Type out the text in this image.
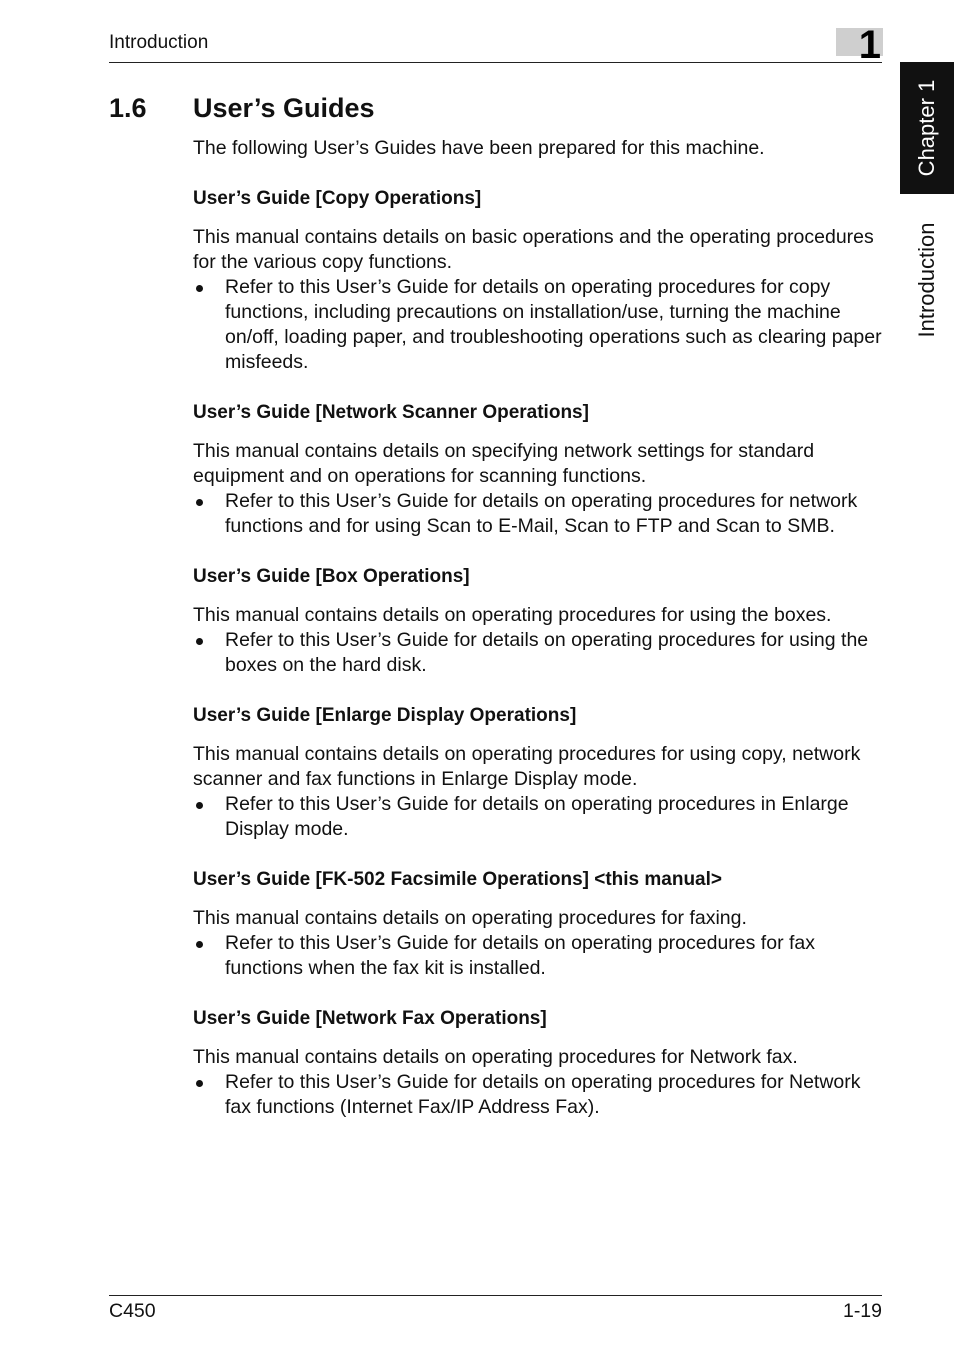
Introduction	1
Chapter 1
Introduction
1.6 User’s Guides

The following User’s Guides have been prepared for this machine.

User’s Guide [Copy Operations]

This manual contains details on basic operations and the operating procedures for the various copy functions.

Refer to this User’s Guide for details on operating procedures for copy functions, including precautions on installation/use, turning the machine on/off, loading paper, and troubleshooting operations such as clearing paper misfeeds.
User’s Guide [Network Scanner Operations]

This manual contains details on specifying network settings for standard equipment and on operations for scanning functions.

Refer to this User’s Guide for details on operating procedures for network functions and for using Scan to E-Mail, Scan to FTP and Scan to SMB.
User’s Guide [Box Operations]

This manual contains details on operating procedures for using the boxes.

Refer to this User’s Guide for details on operating procedures for using the boxes on the hard disk.
User’s Guide [Enlarge Display Operations]

This manual contains details on operating procedures for using copy, network scanner and fax functions in Enlarge Display mode.

Refer to this User’s Guide for details on operating procedures in Enlarge Display mode.
User’s Guide [FK-502 Facsimile Operations] <this manual>

This manual contains details on operating procedures for faxing.

Refer to this User’s Guide for details on operating procedures for fax functions when the fax kit is installed.
User’s Guide [Network Fax Operations]

This manual contains details on operating procedures for Network fax.

Refer to this User’s Guide for details on operating procedures for Network fax functions (Internet Fax/IP Address Fax).
C450	1-19
